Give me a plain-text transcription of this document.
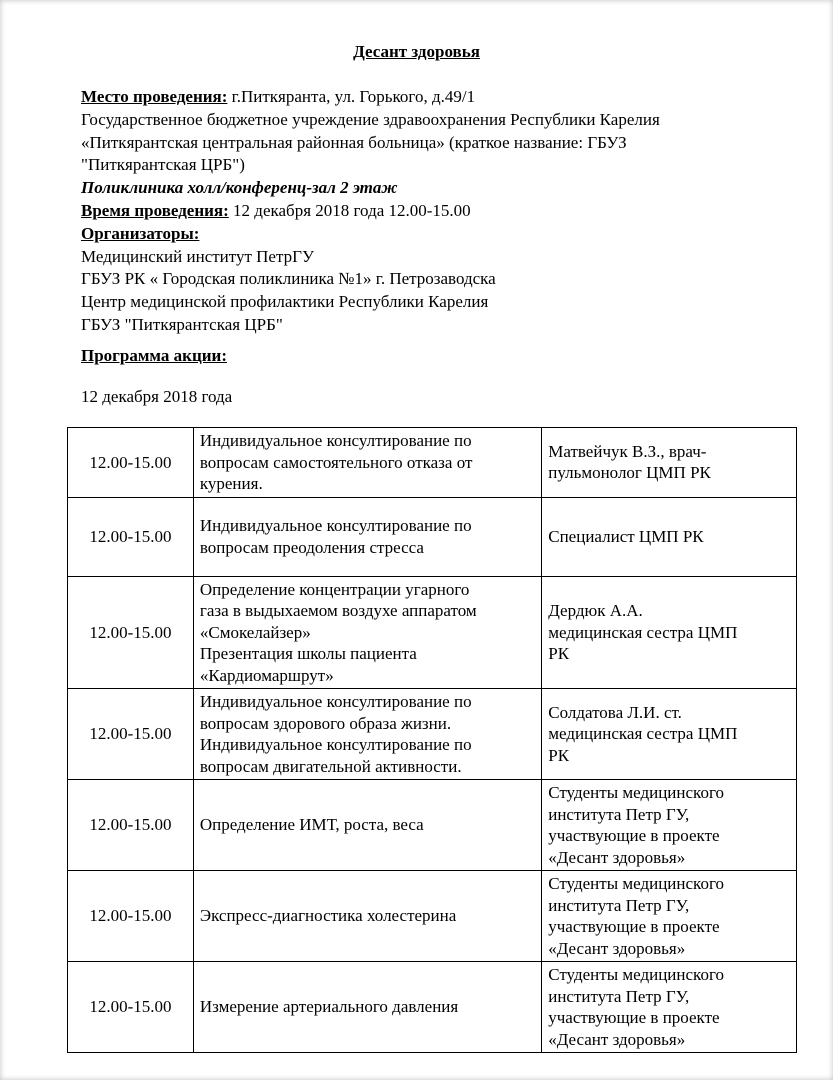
Десант здоровья

Место проведения: г.Питкяранта, ул. Горького, д.49/1

Государственное бюджетное учреждение здравоохранения Республики Карелия

«Питкярантская центральная районная больница» (краткое название: ГБУЗ

"Питкярантская ЦРБ")

Поликлиника холл/конференц-зал 2 этаж

Время проведения: 12 декабря 2018 года 12.00-15.00

Организаторы:

Медицинский институт ПетрГУ

ГБУЗ РК « Городская поликлиника №1» г. Петрозаводска

Центр медицинской профилактики Республики Карелия

ГБУЗ "Питкярантская ЦРБ"

Программа акции:
12 декабря 2018 года
12.00-15.00	Индивидуальное консултирование по
вопросам самостоятельного отказа от
курения.	Матвейчук В.З., врач-
пульмонолог ЦМП РК

12.00-15.00	Индивидуальное консултирование по
вопросам преодоления стресса	Специалист ЦМП РК

12.00-15.00	Определение концентрации угарного
газа в выдыхаемом воздухе аппаратом
«Смокелайзер»
Презентация школы пациента
«Кардиомаршрут»	Дердюк А.А.
медицинская сестра ЦМП
РК

12.00-15.00	Индивидуальное консултирование по
вопросам здорового образа жизни.
Индивидуальное консултирование по
вопросам двигательной активности.	Солдатова Л.И. ст.
медицинская сестра ЦМП
РК

12.00-15.00	Определение ИМТ, роста, веса	Студенты медицинского
института Петр ГУ,
участвующие в проекте
«Десант здоровья»

12.00-15.00	Экспресс-диагностика холестерина	Студенты медицинского
института Петр ГУ,
участвующие в проекте
«Десант здоровья»

12.00-15.00	Измерение артериального давления	Студенты медицинского
института Петр ГУ,
участвующие в проекте
«Десант здоровья»
